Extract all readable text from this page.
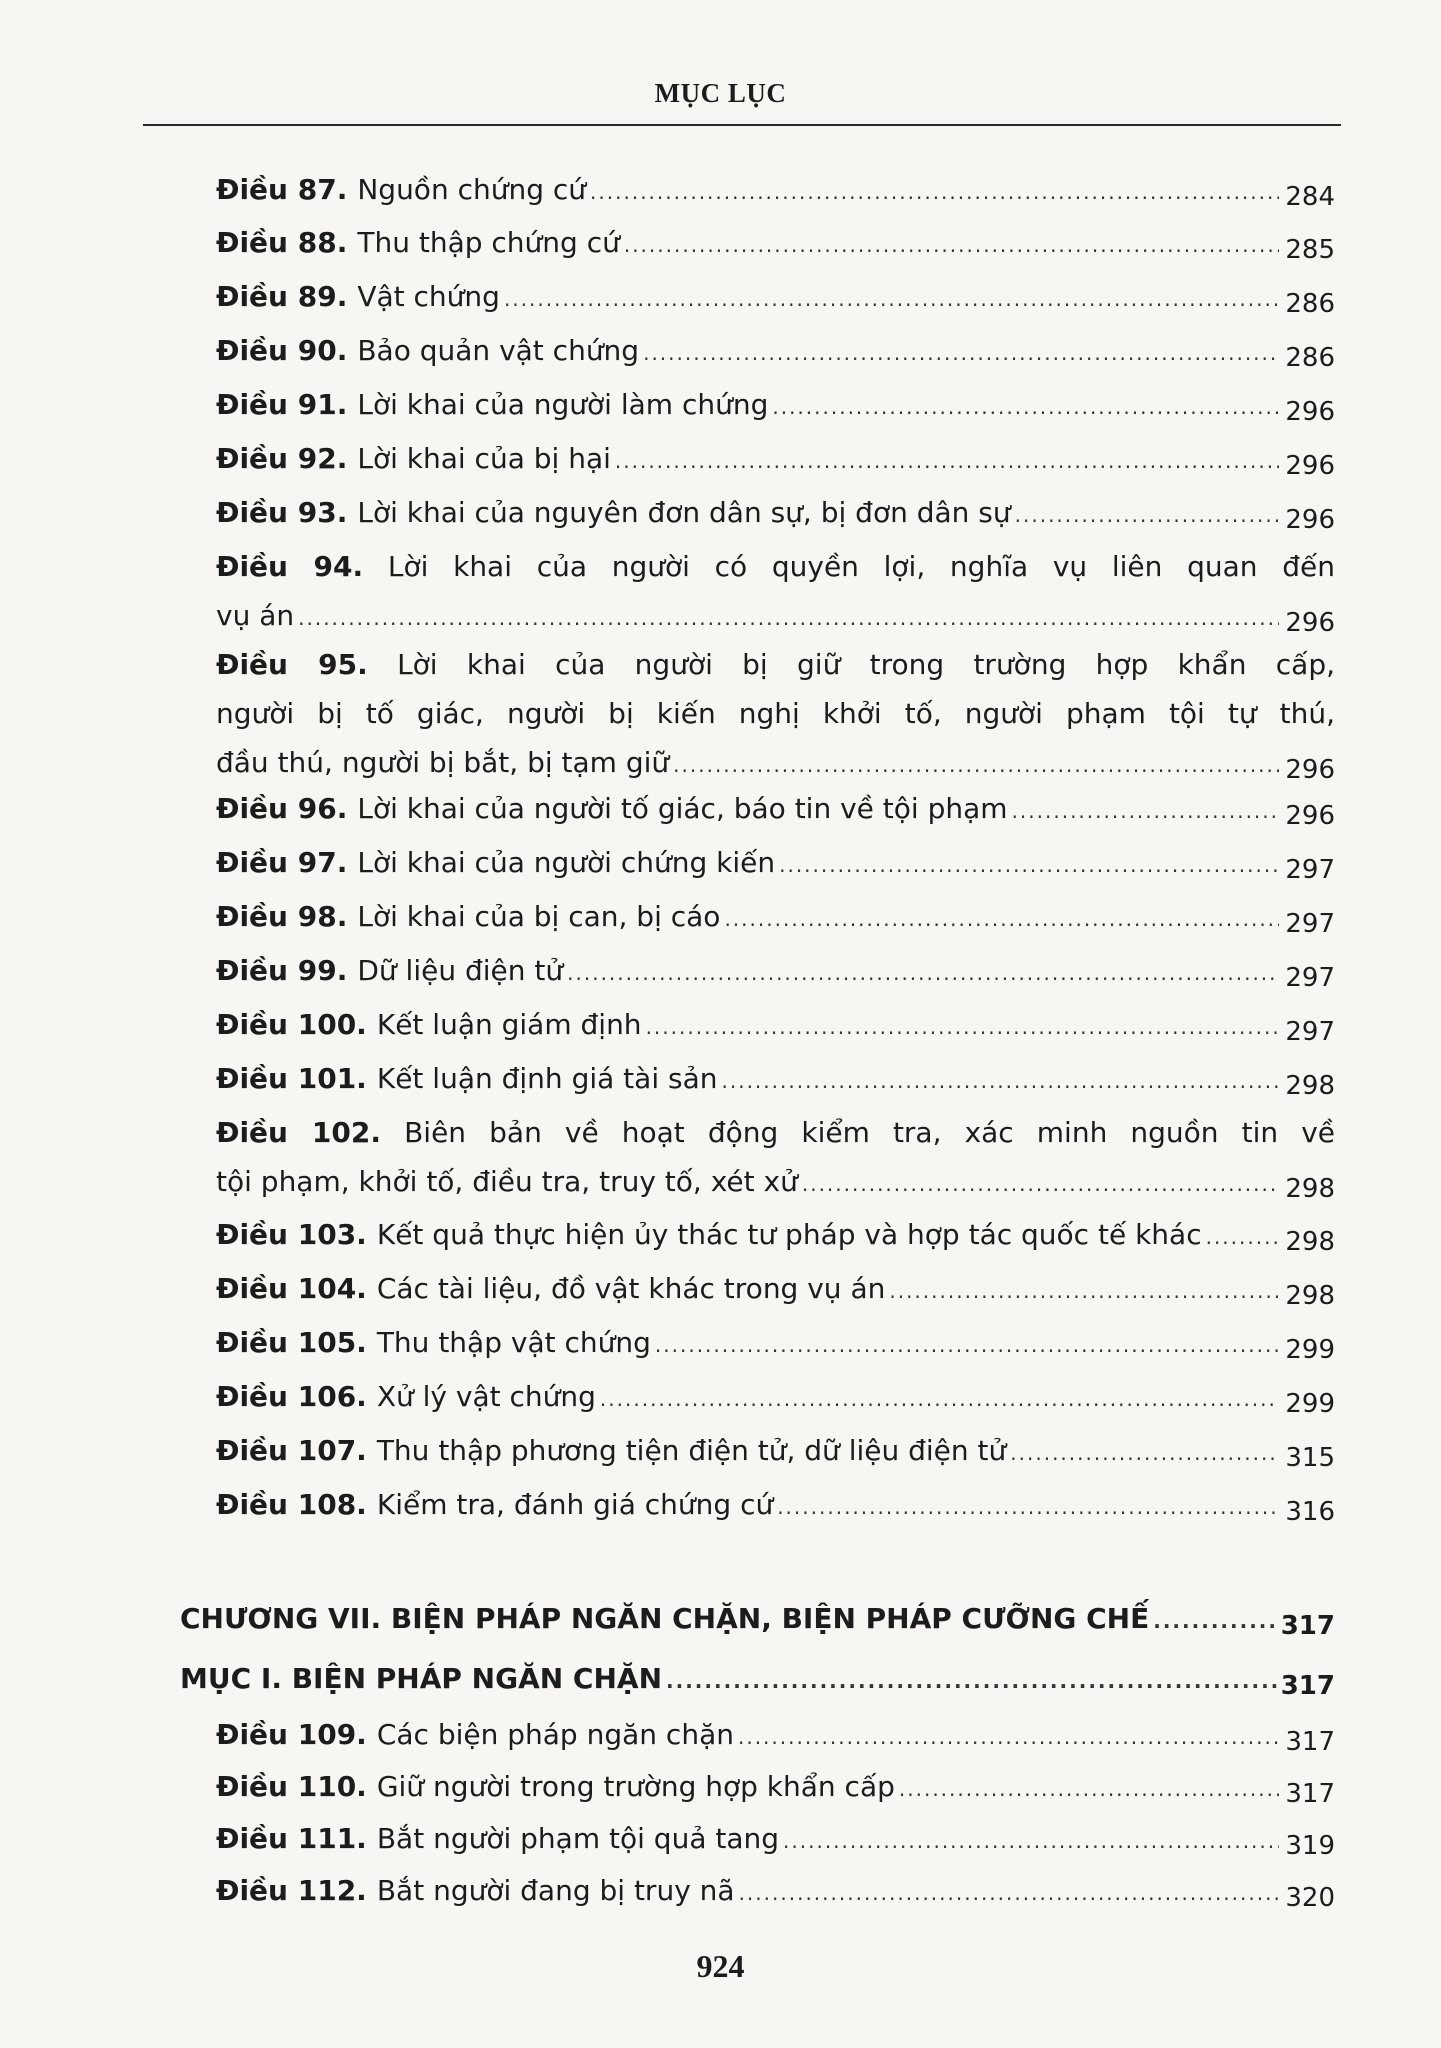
MỤC LỤC
Điều 87. Nguồn chứng cứ .....	284
Điều 88. Thu thập chứng cứ .....	285
Điều 89. Vật chứng .....	286
Điều 90. Bảo quản vật chứng .....	286
Điều 91. Lời khai của người làm chứng .....	296
Điều 92. Lời khai của bị hại .....	296
Điều 93. Lời khai của nguyên đơn dân sự, bị đơn dân sự .....	296
Điều 94. Lời khai của người có quyền lợi, nghĩa vụ liên quan đến
vụ án .....	296
Điều 95. Lời khai của người bị giữ trong trường hợp khẩn cấp,
người bị tố giác, người bị kiến nghị khởi tố, người phạm tội tự thú,
đầu thú, người bị bắt, bị tạm giữ .....	296
Điều 96. Lời khai của người tố giác, báo tin về tội phạm .....	296
Điều 97. Lời khai của người chứng kiến .....	297
Điều 98. Lời khai của bị can, bị cáo .....	297
Điều 99. Dữ liệu điện tử .....	297
Điều 100. Kết luận giám định .....	297
Điều 101. Kết luận định giá tài sản .....	298
Điều 102. Biên bản về hoạt động kiểm tra, xác minh nguồn tin về
tội phạm, khởi tố, điều tra, truy tố, xét xử .....	298
Điều 103. Kết quả thực hiện ủy thác tư pháp và hợp tác quốc tế khác .....	298
Điều 104. Các tài liệu, đồ vật khác trong vụ án .....	298
Điều 105. Thu thập vật chứng .....	299
Điều 106. Xử lý vật chứng .....	299
Điều 107. Thu thập phương tiện điện tử, dữ liệu điện tử .....	315
Điều 108. Kiểm tra, đánh giá chứng cứ .....	316
CHƯƠNG VII. BIỆN PHÁP NGĂN CHẶN, BIỆN PHÁP CƯỠNG CHẾ .....	317
MỤC I. BIỆN PHÁP NGĂN CHẶN .....	317
Điều 109. Các biện pháp ngăn chặn .....	317
Điều 110. Giữ người trong trường hợp khẩn cấp .....	317
Điều 111. Bắt người phạm tội quả tang .....	319
Điều 112. Bắt người đang bị truy nã .....	320
924
